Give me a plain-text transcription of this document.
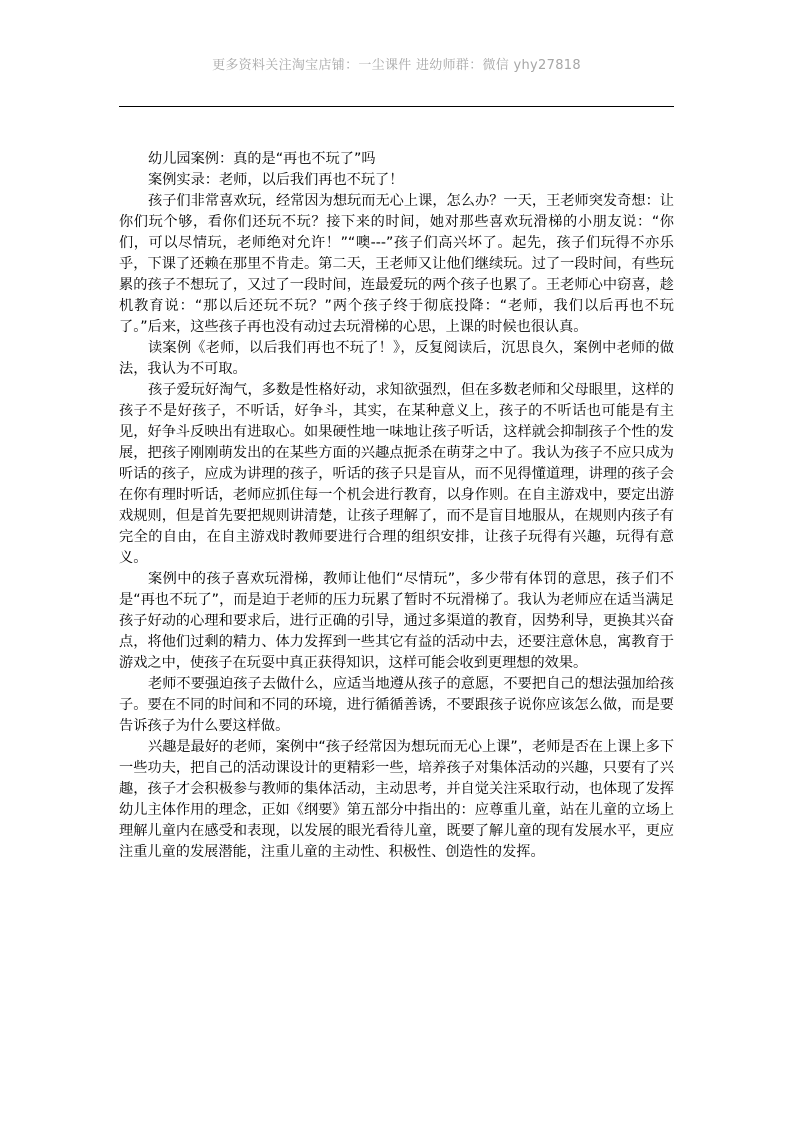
更多资料关注淘宝店铺：一尘课件 进幼师群：微信 yhy27818

幼儿园案例：真的是“再也不玩了”吗

案例实录：老师，以后我们再也不玩了！

孩子们非常喜欢玩，经常因为想玩而无心上课，怎么办？一天，王老师突发奇想：让你们玩个够，看你们还玩不玩？接下来的时间，她对那些喜欢玩滑梯的小朋友说：“你们，可以尽情玩，老师绝对允许！”“噢---”孩子们高兴坏了。起先，孩子们玩得不亦乐乎，下课了还赖在那里不肯走。第二天，王老师又让他们继续玩。过了一段时间，有些玩累的孩子不想玩了，又过了一段时间，连最爱玩的两个孩子也累了。王老师心中窃喜，趁机教育说：“那以后还玩不玩？”两个孩子终于彻底投降：“老师，我们以后再也不玩了。”后来，这些孩子再也没有动过去玩滑梯的心思，上课的时候也很认真。

读案例《老师，以后我们再也不玩了！》，反复阅读后，沉思良久，案例中老师的做法，我认为不可取。

孩子爱玩好淘气，多数是性格好动，求知欲强烈，但在多数老师和父母眼里，这样的孩子不是好孩子，不听话，好争斗，其实，在某种意义上，孩子的不听话也可能是有主见，好争斗反映出有进取心。如果硬性地一味地让孩子听话，这样就会抑制孩子个性的发展，把孩子刚刚萌发出的在某些方面的兴趣点扼杀在萌芽之中了。我认为孩子不应只成为听话的孩子，应成为讲理的孩子，听话的孩子只是盲从，而不见得懂道理，讲理的孩子会在你有理时听话，老师应抓住每一个机会进行教育，以身作则。在自主游戏中，要定出游戏规则，但是首先要把规则讲清楚，让孩子理解了，而不是盲目地服从，在规则内孩子有完全的自由，在自主游戏时教师要进行合理的组织安排，让孩子玩得有兴趣，玩得有意义。

案例中的孩子喜欢玩滑梯，教师让他们“尽情玩”，多少带有体罚的意思，孩子们不是“再也不玩了”，而是迫于老师的压力玩累了暂时不玩滑梯了。我认为老师应在适当满足孩子好动的心理和要求后，进行正确的引导，通过多渠道的教育，因势利导，更换其兴奋点，将他们过剩的精力、体力发挥到一些其它有益的活动中去，还要注意休息，寓教育于游戏之中，使孩子在玩耍中真正获得知识，这样可能会收到更理想的效果。

老师不要强迫孩子去做什么，应适当地遵从孩子的意愿，不要把自己的想法强加给孩子。要在不同的时间和不同的环境，进行循循善诱，不要跟孩子说你应该怎么做，而是要告诉孩子为什么要这样做。

兴趣是最好的老师，案例中“孩子经常因为想玩而无心上课”，老师是否在上课上多下一些功夫，把自己的活动课设计的更精彩一些，培养孩子对集体活动的兴趣，只要有了兴趣，孩子才会积极参与教师的集体活动，主动思考，并自觉关注采取行动，也体现了发挥幼儿主体作用的理念，正如《纲要》第五部分中指出的：应尊重儿童，站在儿童的立场上理解儿童内在感受和表现，以发展的眼光看待儿童，既要了解儿童的现有发展水平，更应注重儿童的发展潜能，注重儿童的主动性、积极性、创造性的发挥。
